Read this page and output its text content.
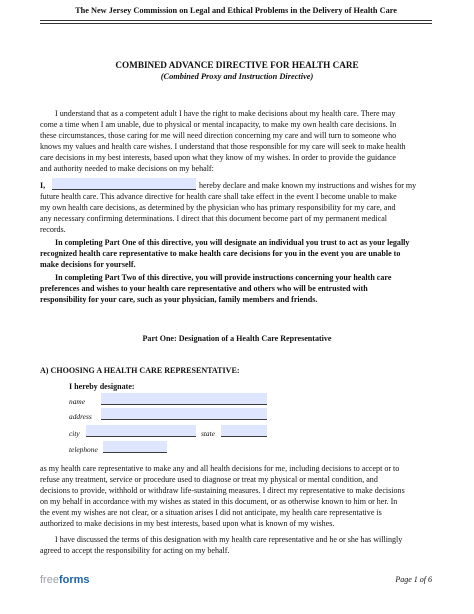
The New Jersey Commission on Legal and Ethical Problems in the Delivery of Health Care
COMBINED ADVANCE DIRECTIVE FOR HEALTH CARE
(Combined Proxy and Instruction Directive)
I understand that as a competent adult I have the right to make decisions about my health care. There may
come a time when I am unable, due to physical or mental incapacity, to make my own health care decisions. In
these circumstances, those caring for me will need direction concerning my care and will turn to someone who
knows my values and health care wishes. I understand that those responsible for my care will seek to make health
care decisions in my best interests, based upon what they know of my wishes. In order to provide the guidance
and authority needed to make decisions on my behalf:
I,	hereby declare and make known my instructions and wishes for my
future health care. This advance directive for health care shall take effect in the event I become unable to make
my own health care decisions, as determined by the physician who has primary responsibility for my care, and
any necessary confirming determinations. I direct that this document become part of my permanent medical
records.
In completing Part One of this directive, you will designate an individual you trust to act as your legally
recognized health care representative to make health care decisions for you in the event you are unable to
make decisions for yourself.
In completing Part Two of this directive, you will provide instructions concerning your health care
preferences and wishes to your health care representative and others who will be entrusted with
responsibility for your care, such as your physician, family members and friends.
Part One: Designation of a Health Care Representative
A) CHOOSING A HEALTH CARE REPRESENTATIVE:
I hereby designate:
name
address
city	state
telephone
as my health care representative to make any and all health decisions for me, including decisions to accept or to
refuse any treatment, service or procedure used to diagnose or treat my physical or mental condition, and
decisions to provide, withhold or withdraw life-sustaining measures. I direct my representative to make decisions
on my behalf in accordance with my wishes as stated in this document, or as otherwise known to him or her. In
the event my wishes are not clear, or a situation arises I did not anticipate, my health care representative is
authorized to make decisions in my best interests, based upon what is known of my wishes.
I have discussed the terms of this designation with my health care representative and he or she has willingly
agreed to accept the responsibility for acting on my behalf.
freeforms	Page 1 of 6
